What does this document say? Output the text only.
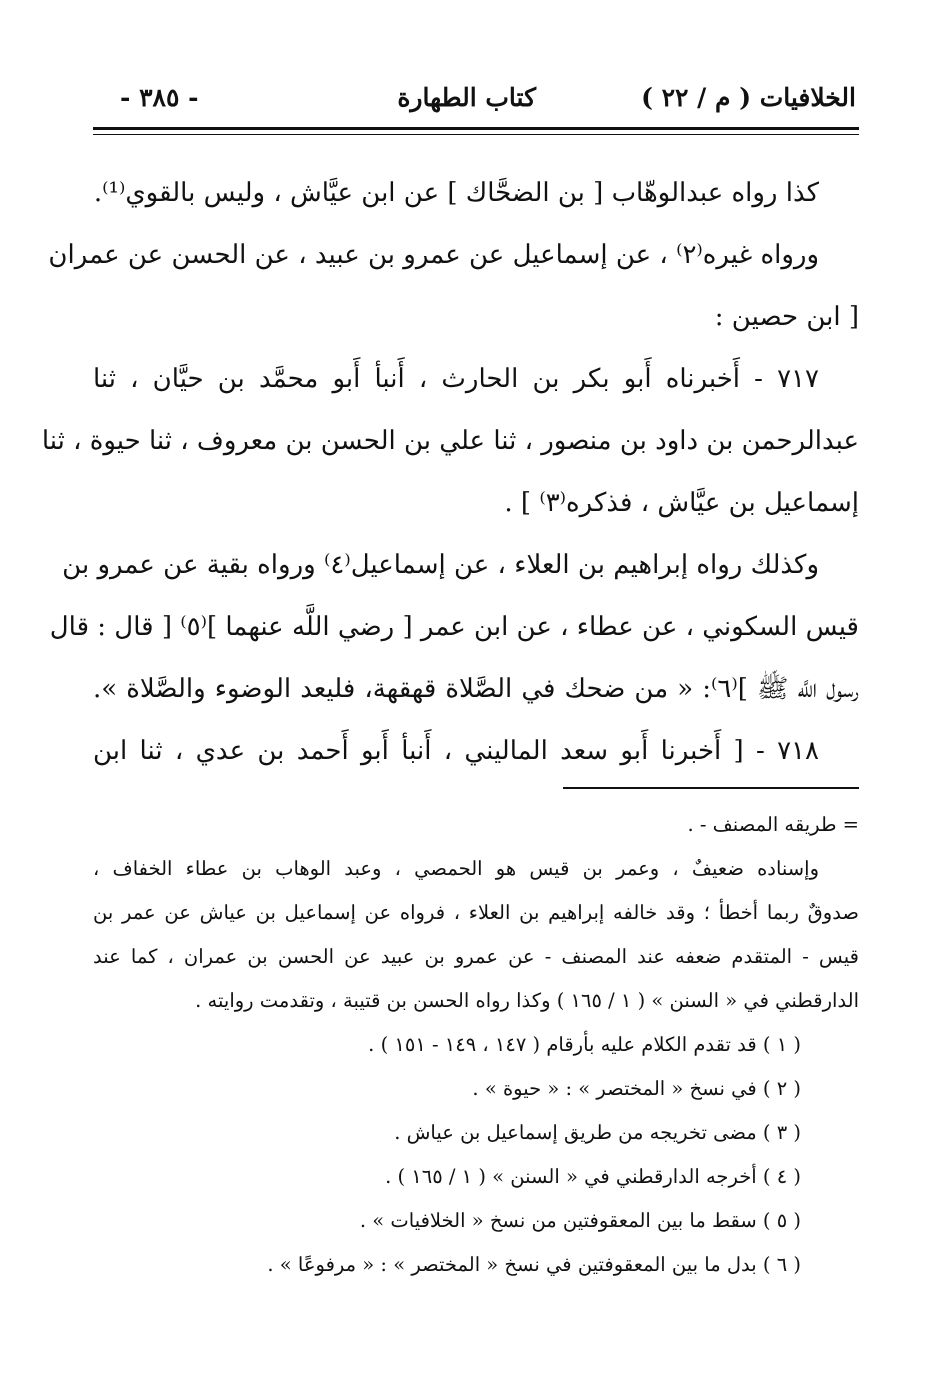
الخلافيات ( م / ٢٢ )
كتاب الطهارة
- ٣٨٥ -
كذا رواه عبدالوهّاب [ بن الضحَّاك ] عن ابن عيَّاش ، وليس بالقوي⁽¹⁾.
ورواه غيره⁽٢⁾ ، عن إسماعيل عن عمرو بن عبيد ، عن الحسن عن عمران
[ ابن حصين :
٧١٧ - أَخبرناه أَبو بكر بن الحارث ، أَنبأ أَبو محمَّد بن حيَّان ، ثنا
عبدالرحمن بن داود بن منصور ، ثنا علي بن الحسن بن معروف ، ثنا حيوة ، ثنا
إسماعيل بن عيَّاش ، فذكره⁽٣⁾ ] .
وكذلك رواه إبراهيم بن العلاء ، عن إسماعيل⁽٤⁾ ورواه بقية عن عمرو بن
قيس السكوني ، عن عطاء ، عن ابن عمر [ رضي اللَّه عنهما ]⁽٥⁾ [ قال : قال
رسول اللَّه ﷺ ]⁽٦⁾: « من ضحك في الصَّلاة قهقهة، فليعد الوضوء والصَّلاة ».
٧١٨ - [ أَخبرنا أَبو سعد الماليني ، أَنبأ أَبو أَحمد بن عدي ، ثنا ابن
= طريقه المصنف - .
وإسناده ضعيفٌ ، وعمر بن قيس هو الحمصي ، وعبد الوهاب بن عطاء الخفاف ،
صدوقٌ ربما أخطأ ؛ وقد خالفه إبراهيم بن العلاء ، فرواه عن إسماعيل بن عياش عن عمر بن
قيس - المتقدم ضعفه عند المصنف - عن عمرو بن عبيد عن الحسن بن عمران ، كما عند
الدارقطني في « السنن » ( ١ / ١٦٥ ) وكذا رواه الحسن بن قتيبة ، وتقدمت روايته .
( ١ ) قد تقدم الكلام عليه بأرقام ( ١٤٧ ، ١٤٩ - ١٥١ ) .
( ٢ ) في نسخ « المختصر » : « حيوة » .
( ٣ ) مضى تخريجه من طريق إسماعيل بن عياش .
( ٤ ) أخرجه الدارقطني في « السنن » ( ١ / ١٦٥ ) .
( ٥ ) سقط ما بين المعقوفتين من نسخ « الخلافيات » .
( ٦ ) بدل ما بين المعقوفتين في نسخ « المختصر » : « مرفوعًا » .
